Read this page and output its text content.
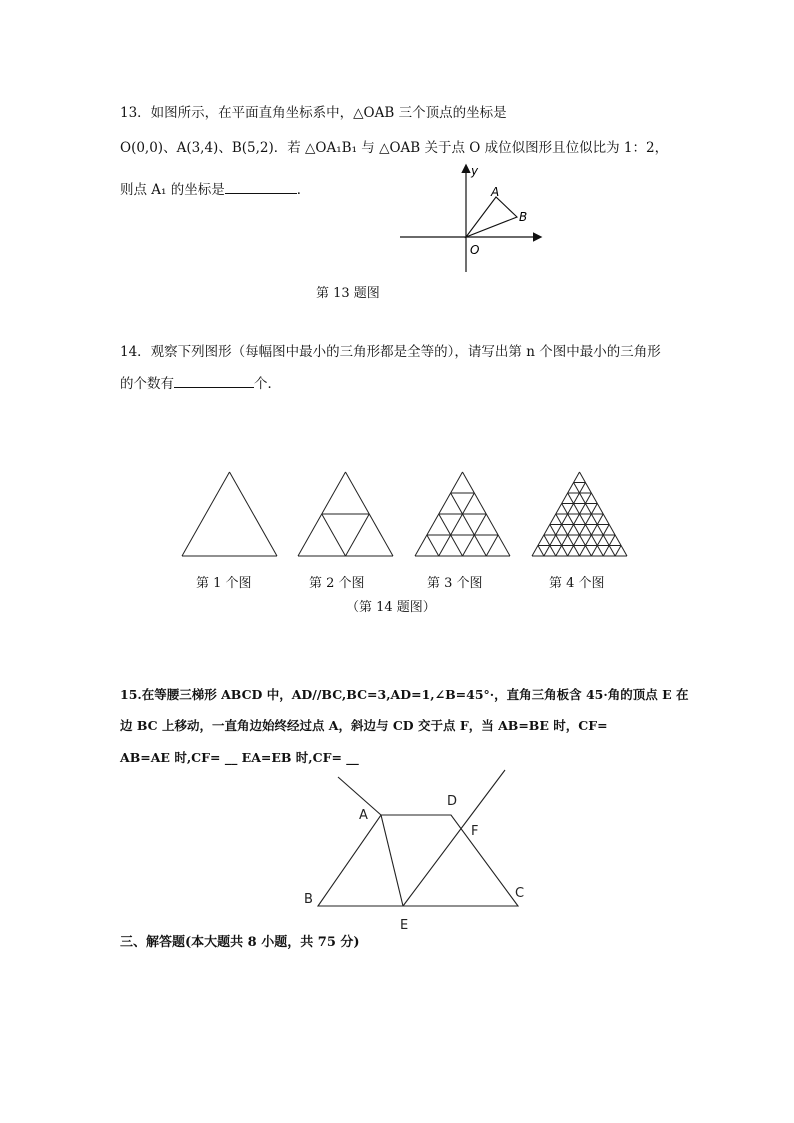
13．如图所示，在平面直角坐标系中，△OAB 三个顶点的坐标是
O(0,0)、A(3,4)、B(5,2)．若 △OA₁B₁ 与 △OAB 关于点 O 成位似图形且位似比为 1：2，
则点 A₁ 的坐标是	．
y
O
A
B
第 13 题图
14．观察下列图形（每幅图中最小的三角形都是全等的），请写出第 n 个图中最小的三角形
的个数有	个．
第 1 个图	第 2 个图	第 3 个图	第 4 个图
（第 14 题图）
15.在等腰三梯形 ABCD 中，AD//BC,BC=3,AD=1,∠B=45°·，直角三角板含 45·角的顶点 E 在
边 BC 上移动，一直角边始终经过点 A，斜边与 CD 交于点 F，当 AB=BE 时，CF=
AB=AE 时,CF= __ EA=EB 时,CF= __
A
D
F
B	C
E
三、解答题(本大题共 8 小题，共 75 分)
